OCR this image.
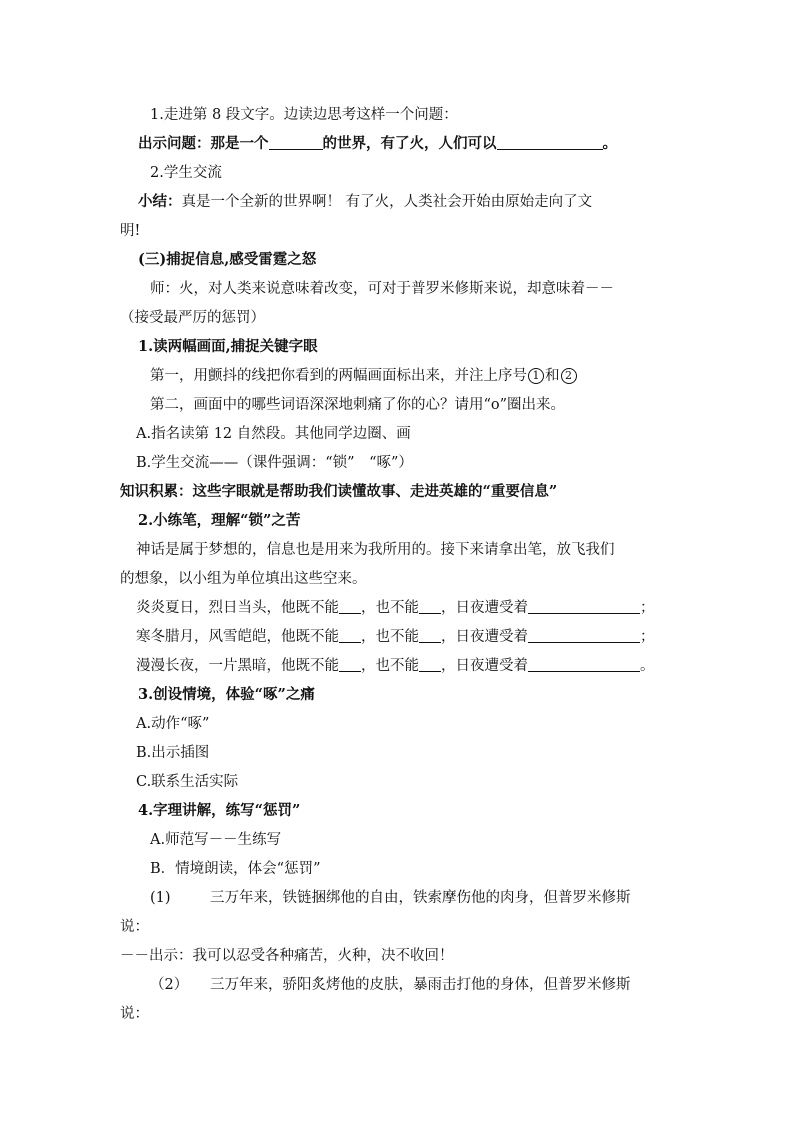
1.走进第 8 段文字。边读边思考这样一个问题：
出示问题：那是一个	的世界，有了火，人们可以	。
2.学生交流
小结：真是一个全新的世界啊！ 有了火，人类社会开始由原始走向了文
明!
(三)捕捉信息,感受雷霆之怒
师：火，对人类来说意味着改变，可对于普罗米修斯来说，却意味着－－
（接受最严厉的惩罚）
1.读两幅画面,捕捉关键字眼
第一，用颤抖的线把你看到的两幅画面标出来，并注上序号 1 和 2
第二，画面中的哪些词语深深地刺痛了你的心？请用“o”圈出来。
A.指名读第 12 自然段。其他同学边圈、画
B.学生交流——（课件强调：“锁”　“啄”）
知识积累：这些字眼就是帮助我们读懂故事、走进英雄的“重要信息”
2.小练笔，理解“锁”之苦
神话是属于梦想的，信息也是用来为我所用的。接下来请拿出笔，放飞我们
的想象，以小组为单位填出这些空来。
炎炎夏日，烈日当头，他既不能 ，也不能 ，日夜遭受着	；
寒冬腊月，风雪皑皑，他既不能 ，也不能 ，日夜遭受着	；
漫漫长夜，一片黑暗，他既不能 ，也不能 ，日夜遭受着	。
3.创设情境，体验“啄”之痛
A.动作“啄”
B.出示插图
C.联系生活实际
4.字理讲解，练写“惩罚”
A.师范写－－生练写
B．情境朗读，体会“惩罚”
(1)	三万年来，铁链捆绑他的自由，铁索摩伤他的肉身，但普罗米修斯
说：
－－出示：我可以忍受各种痛苦，火种，决不收回！
（2）	三万年来，骄阳炙烤他的皮肤，暴雨击打他的身体，但普罗米修斯
说：
